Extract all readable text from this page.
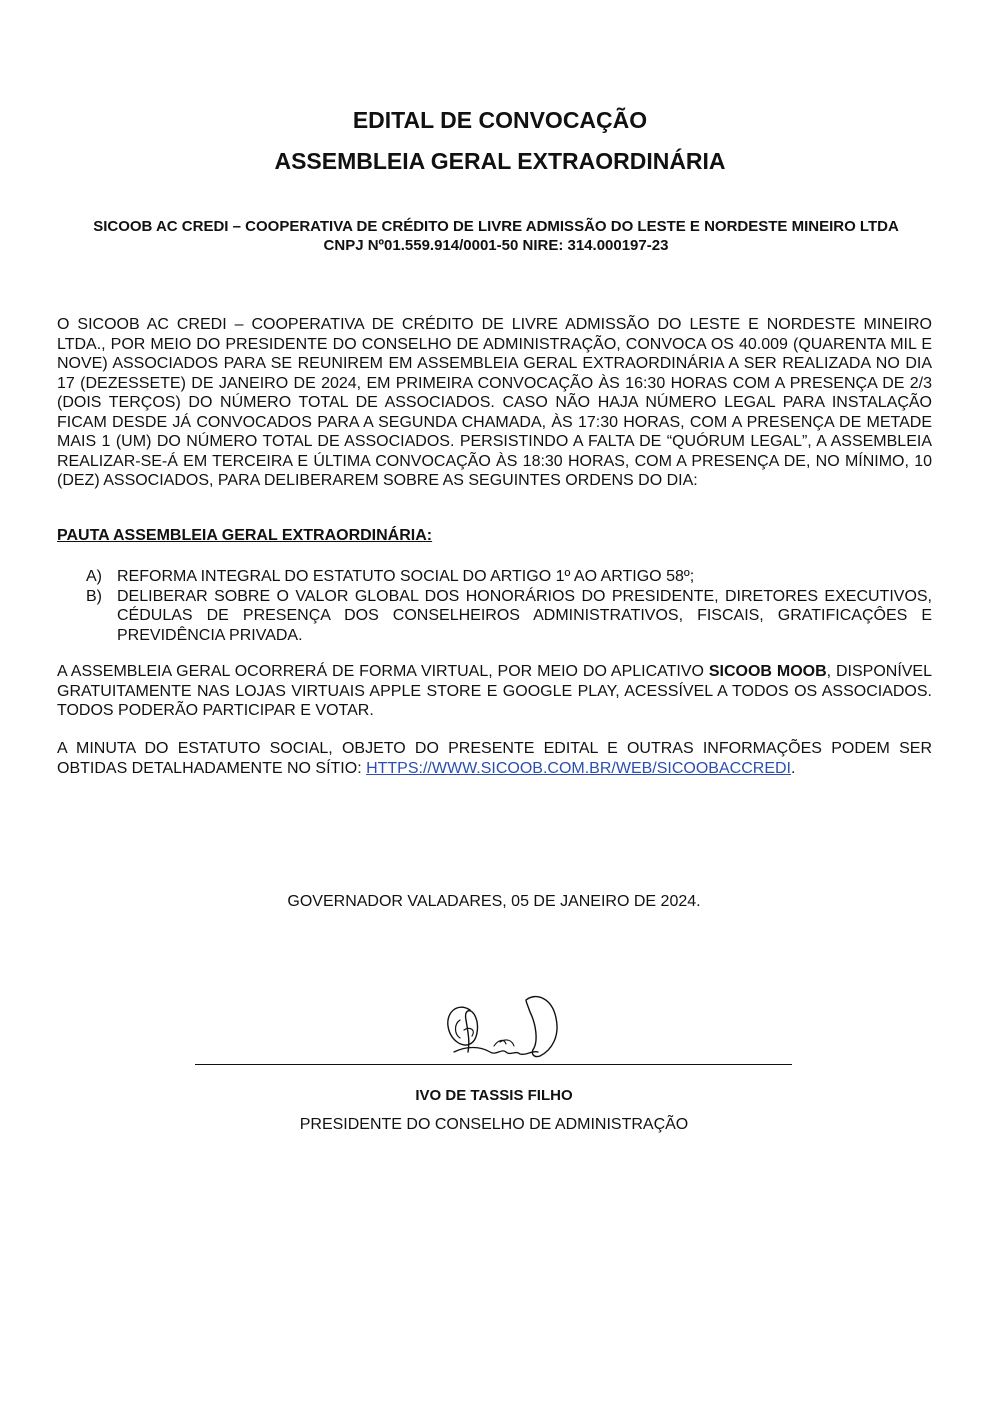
EDITAL DE CONVOCAÇÃO
ASSEMBLEIA GERAL EXTRAORDINÁRIA

SICOOB AC CREDI – COOPERATIVA DE CRÉDITO DE LIVRE ADMISSÃO DO LESTE E NORDESTE MINEIRO LTDA
CNPJ Nº01.559.914/0001-50 NIRE: 314.000197-23

O SICOOB AC CREDI – COOPERATIVA DE CRÉDITO DE LIVRE ADMISSÃO DO LESTE E NORDESTE MINEIRO LTDA., POR MEIO DO PRESIDENTE DO CONSELHO DE ADMINISTRAÇÃO, CONVOCA OS 40.009 (QUARENTA MIL E NOVE) ASSOCIADOS PARA SE REUNIREM EM ASSEMBLEIA GERAL EXTRAORDINÁRIA A SER REALIZADA NO DIA 17 (DEZESSETE) DE JANEIRO DE 2024, EM PRIMEIRA CONVOCAÇÃO ÀS 16:30 HORAS COM A PRESENÇA DE 2/3 (DOIS TERÇOS) DO NÚMERO TOTAL DE ASSOCIADOS. CASO NÃO HAJA NÚMERO LEGAL PARA INSTALAÇÃO FICAM DESDE JÁ CONVOCADOS PARA A SEGUNDA CHAMADA, ÀS 17:30 HORAS, COM A PRESENÇA DE METADE MAIS 1 (UM) DO NÚMERO TOTAL DE ASSOCIADOS. PERSISTINDO A FALTA DE “QUÓRUM LEGAL”, A ASSEMBLEIA REALIZAR-SE-Á EM TERCEIRA E ÚLTIMA CONVOCAÇÃO ÀS 18:30 HORAS, COM A PRESENÇA DE, NO MÍNIMO, 10 (DEZ) ASSOCIADOS, PARA DELIBERAREM SOBRE AS SEGUINTES ORDENS DO DIA:

PAUTA ASSEMBLEIA GERAL EXTRAORDINÁRIA:

A) REFORMA INTEGRAL DO ESTATUTO SOCIAL DO ARTIGO 1º AO ARTIGO 58º;
B) DELIBERAR SOBRE O VALOR GLOBAL DOS HONORÁRIOS DO PRESIDENTE, DIRETORES EXECUTIVOS, CÉDULAS DE PRESENÇA DOS CONSELHEIROS ADMINISTRATIVOS, FISCAIS, GRATIFICAÇÔES E PREVIDÊNCIA PRIVADA.

A ASSEMBLEIA GERAL OCORRERÁ DE FORMA VIRTUAL, POR MEIO DO APLICATIVO SICOOB MOOB, DISPONÍVEL GRATUITAMENTE NAS LOJAS VIRTUAIS APPLE STORE E GOOGLE PLAY, ACESSÍVEL A TODOS OS ASSOCIADOS. TODOS PODERÃO PARTICIPAR E VOTAR.

A MINUTA DO ESTATUTO SOCIAL, OBJETO DO PRESENTE EDITAL E OUTRAS INFORMAÇÕES PODEM SER OBTIDAS DETALHADAMENTE NO SÍTIO: HTTPS://WWW.SICOOB.COM.BR/WEB/SICOOBACCREDI.

GOVERNADOR VALADARES, 05 DE JANEIRO DE 2024.

IVO DE TASSIS FILHO

PRESIDENTE DO CONSELHO DE ADMINISTRAÇÃO
